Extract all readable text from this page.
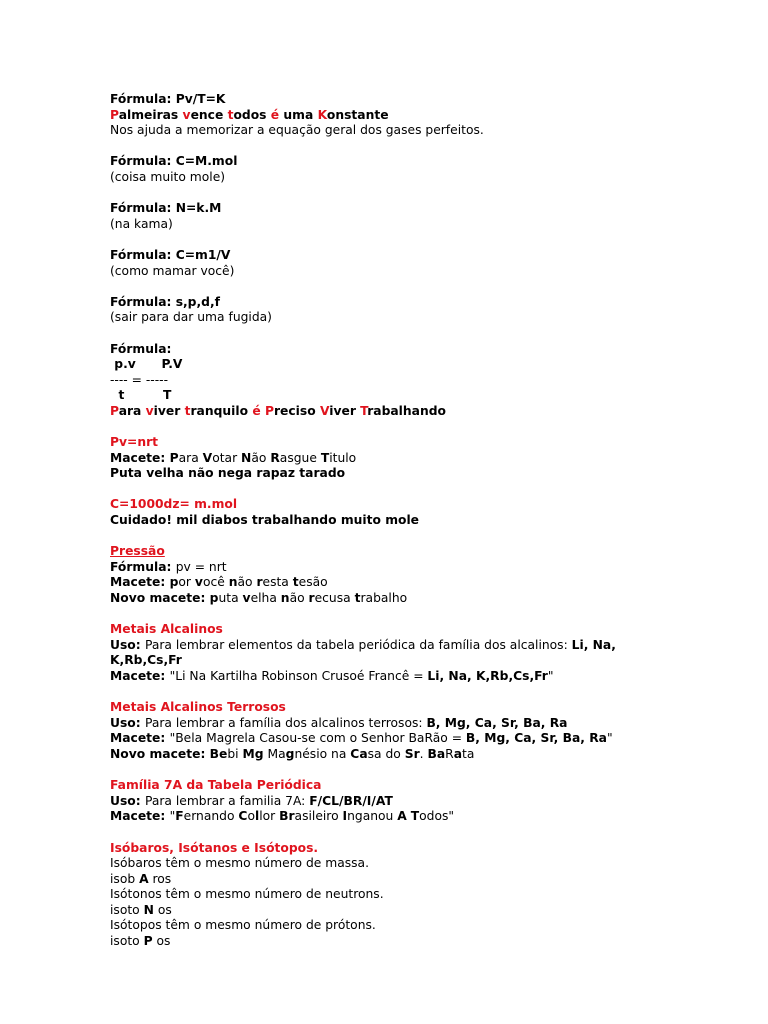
Fórmula: Pv/T=K
Palmeiras vence todos é uma Konstante
Nos ajuda a memorizar a equação geral dos gases perfeitos.
Fórmula: C=M.mol
(coisa muito mole)
Fórmula: N=k.M
(na kama)
Fórmula: C=m1/V
(como mamar você)
Fórmula: s,p,d,f
(sair para dar uma fugida)
Fórmula:
p.v      P.V
---- = -----
t         T
Para viver tranquilo é Preciso Viver Trabalhando
Pv=nrt
Macete: Para Votar Não Rasgue Titulo
Puta velha não nega rapaz tarado
C=1000dz= m.mol
Cuidado! mil diabos trabalhando muito mole
Pressão
Fórmula: pv = nrt
Macete: por você não resta tesão
Novo macete: puta velha não recusa trabalho
Metais Alcalinos
Uso: Para lembrar elementos da tabela periódica da família dos alcalinos: Li, Na,
K,Rb,Cs,Fr
Macete: "Li Na Kartilha Robinson Crusoé Francê = Li, Na, K,Rb,Cs,Fr"
Metais Alcalinos Terrosos
Uso: Para lembrar a família dos alcalinos terrosos: B, Mg, Ca, Sr, Ba, Ra
Macete: "Bela Magrela Casou-se com o Senhor BaRão = B, Mg, Ca, Sr, Ba, Ra"
Novo macete: Bebi Mg Magnésio na Casa do Sr. BaRata
Família 7A da Tabela Periódica
Uso: Para lembrar a familia 7A: F/CL/BR/I/AT
Macete: "Fernando Collor Brasileiro Inganou A Todos"
Isóbaros, Isótanos e Isótopos.
Isóbaros têm o mesmo número de massa.
isob A ros
Isótonos têm o mesmo número de neutrons.
isoto N os
Isótopos têm o mesmo número de prótons.
isoto P os
